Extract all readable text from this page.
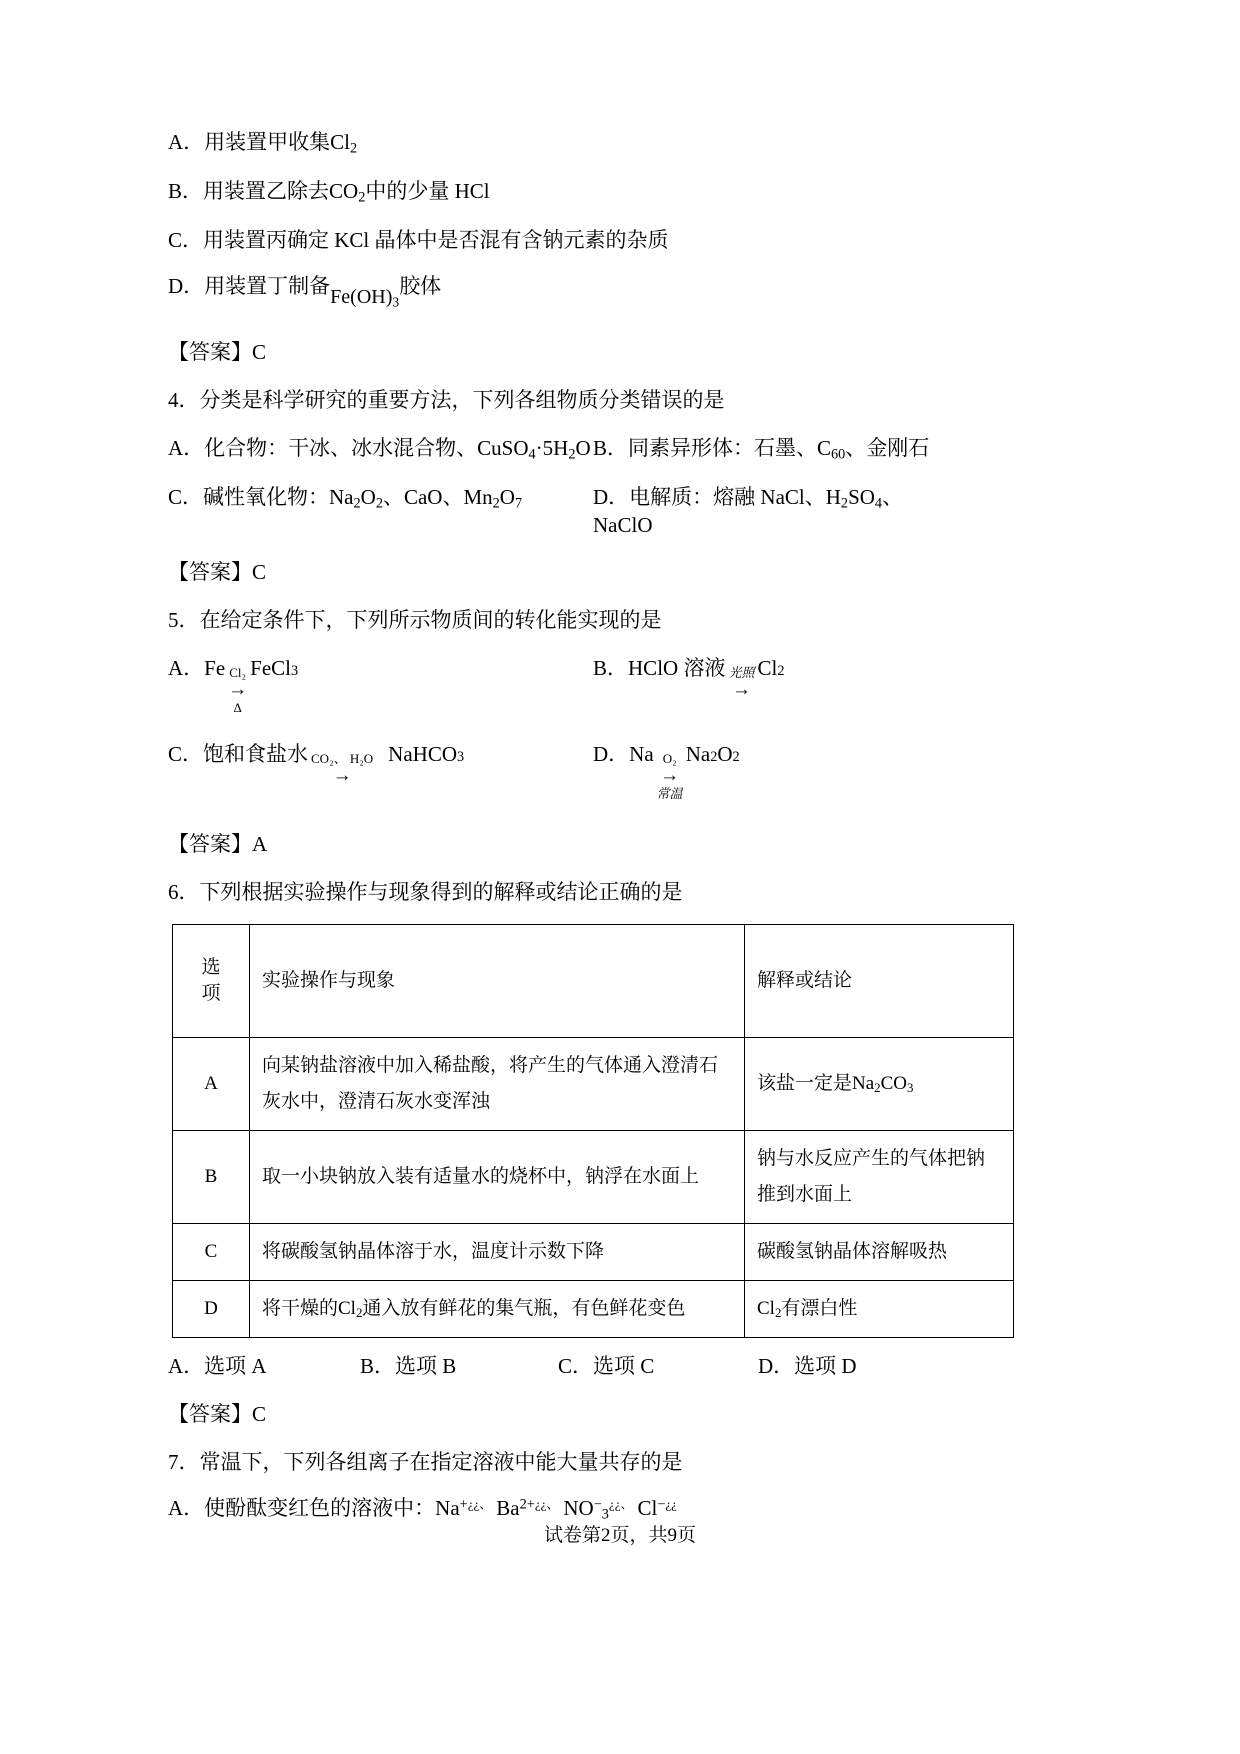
A．用装置甲收集$Cl_2$
B．用装置乙除去$CO_2$中的少量 HCl
C．用装置丙确定 KCl 晶体中是否混有含钠元素的杂质
D．用装置丁制备$Fe(OH)_3$胶体
【答案】C
4．分类是科学研究的重要方法，下列各组物质分类错误的是
A．化合物：干冰、冰水混合物、$CuSO_4\cdot 5H_2O$ B．同素异形体：石墨、$C_{60}$、金刚石
C．碱性氧化物：$Na_2O_2$、CaO、$Mn_2O_7$	D．电解质：熔融 NaCl、$H_2SO_4$、NaClO
【答案】C
5．在给定条件下，下列所示物质间的转化能实现的是
A． Fe Cl₂
→
Δ
FeCl 3	B． HClO 溶液 光照
→
Cl 2
C． 饱和食盐水 CO₂、 H₂O
→
NaHCO 3	D． Na O₂
→
常温
Na 2 O 2
【答案】A
6．下列根据实验操作与现象得到的解释或结论正确的是
选
项	实验操作与现象	解释或结论
A	向某钠盐溶液中加入稀盐酸，将产生的气体通入澄清石灰水中，澄清石灰水变浑浊	该盐一定是$Na_2CO_3$
B	取一小块钠放入装有适量水的烧杯中，钠浮在水面上	钠与水反应产生的气体把钠推到水面上
C	将碳酸氢钠晶体溶于水，温度计示数下降	碳酸氢钠晶体溶解吸热
D	将干燥的$Cl_2$通入放有鲜花的集气瓶，有色鲜花变色	$Cl_2$有漂白性
A．选项 A	B．选项 B	C．选项 C	D．选项 D
【答案】C
7．常温下，下列各组离子在指定溶液中能大量共存的是
A．使酚酞变红色的溶液中：Na+¿¿、 $Ba^{2+¿¿、}$ $NO^-_3^{¿¿、}$ Cl−¿¿
试卷第2页，共9页
